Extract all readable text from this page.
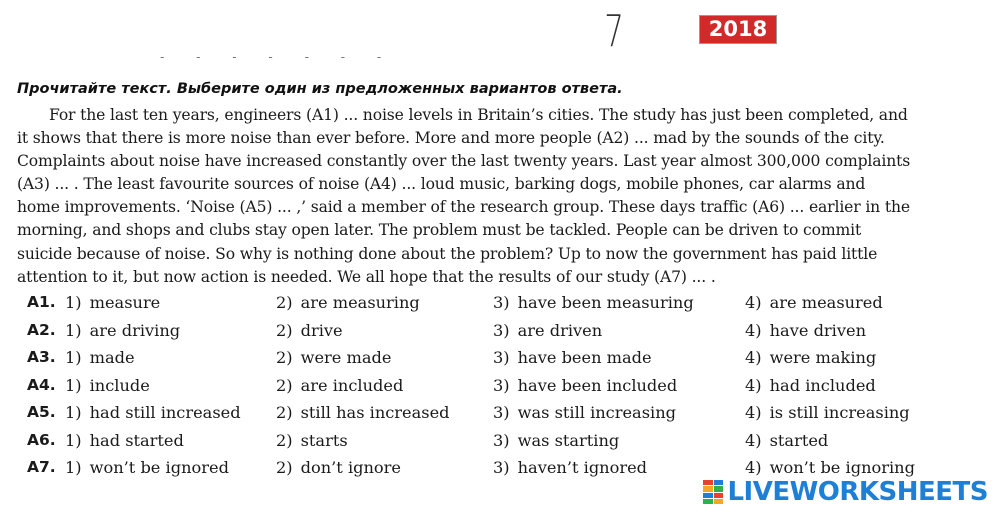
7	2018
- - - - - - -
Прочитайте текст. Выберите один из предложенных вариантов ответа.
For the last ten years, engineers (A1) ... noise levels in Britain’s cities. The study has just been completed, and
it shows that there is more noise than ever before. More and more people (A2) ... mad by the sounds of the city.
Complaints about noise have increased constantly over the last twenty years. Last year almost 300,000 complaints
(A3) ... . The least favourite sources of noise (A4) ... loud music, barking dogs, mobile phones, car alarms and
home improvements. ‘Noise (A5) ... ,’ said a member of the research group. These days traffic (A6) ... earlier in the
morning, and shops and clubs stay open later. The problem must be tackled. People can be driven to commit
suicide because of noise. So why is nothing done about the problem? Up to now the government has paid little
attention to it, but now action is needed. We all hope that the results of our study (A7) ... .
A1. 1) measure	2) are measuring	3) have been measuring	4) are measured
A2. 1) are driving	2) drive	3) are driven	4) have driven
A3. 1) made	2) were made	3) have been made	4) were making
A4. 1) include	2) are included	3) have been included	4) had included
A5. 1) had still increased 2) still has increased	3) was still increasing	4) is still increasing
A6. 1) had started	2) starts	3) was starting	4) started
A7. 1) won’t be ignored	2) don’t ignore	3) haven’t ignored	4) won’t be ignoring
LIVEWORKSHEETS
